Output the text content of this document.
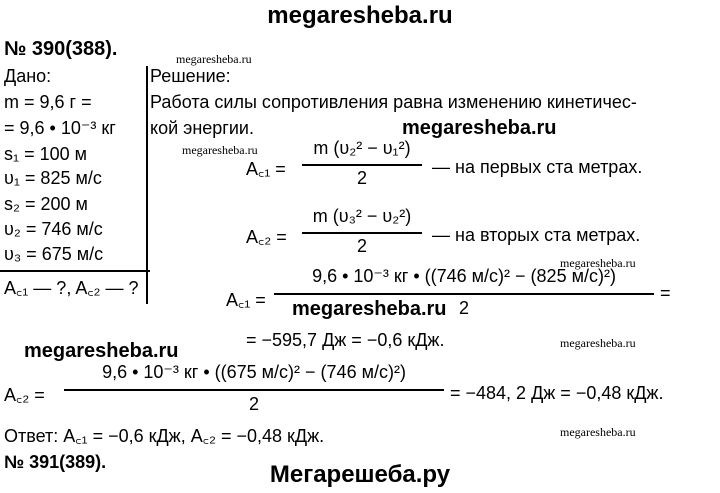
megaresheba.ru
megaresheba.ru
megaresheba.ru
megaresheba.ru
megaresheba.ru
megaresheba.ru
megaresheba.ru
megaresheba.ru
megaresheba.ru
№ 390(388).
Дано:
m = 9,6 г =
= 9,6 • 10⁻³ кг
s₁ = 100 м
υ₁ = 825 м/с
s₂ = 200 м
υ₂ = 746 м/с
υ₃ = 675 м/с
A꜀₁ — ?, A꜀₂ — ?
Решение:
Работа силы сопротивления равна изменению кинетичес-
кой энергии.
A꜀₁ =
m (υ₂² − υ₁²)
2
— на первых ста метрах.
A꜀₂ =
m (υ₃² − υ₂²)
2
— на вторых ста метрах.
A꜀₁ =
9,6 • 10⁻³ кг • ((746 м/с)² − (825 м/с)²)
2
=
= −595,7 Дж = −0,6 кДж.
A꜀₂ =
9,6 • 10⁻³ кг • ((675 м/с)² − (746 м/с)²)
2
= −484, 2 Дж = −0,48 кДж.
Ответ: A꜀₁ = −0,6 кДж, A꜀₂ = −0,48 кДж.
№ 391(389).	Мегарешеба.ру
